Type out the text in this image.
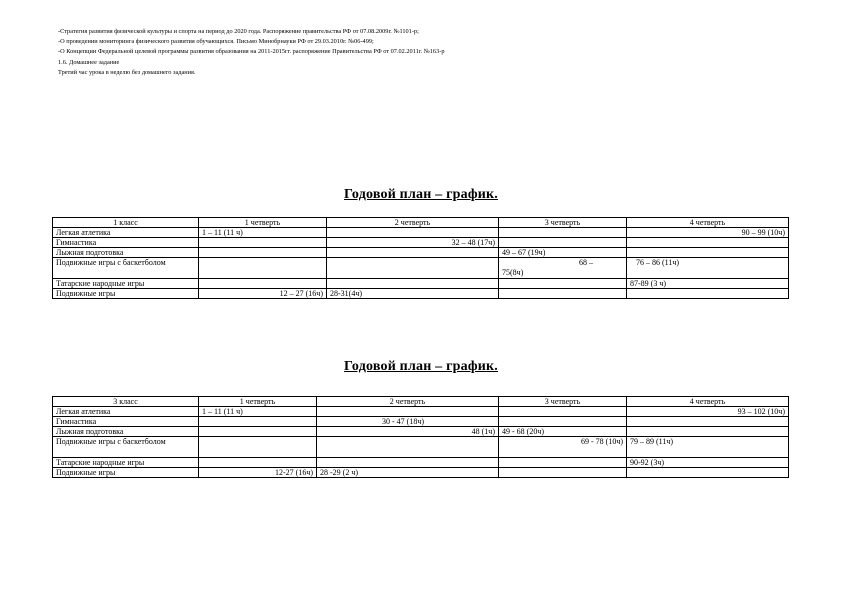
-Стратегия развития физической культуры и спорта на период до 2020 года. Распоряжение правительства РФ от 07.08.2009г. №1101-р;
-О проведении мониторинга физического развития обучающихся. Письмо Минобрнауки РФ от 29.03.2010г. №06-499;
-О Концепции Федеральной целевой программы развития образования на 2011-2015гг. распоряжение Правительства РФ от 07.02.2011г. №163-р
1.6. Домашнее задание
Третий час урока в неделю без домашнего задания.
Годовой план – график.
1 класс	1 четверть	2 четверть	3 четверть	4 четверть
Легкая атлетика	1 – 11 (11 ч)			90 – 99 (10ч)
Гимнастика		32 – 48 (17ч)		
Лыжная подготовка			49 – 67 (19ч)	
Подвижные игры с баскетболом			68 –
75(8ч)	76 – 86 (11ч)
Татарские народные игры				87-89 (3 ч)
Подвижные игры	12 – 27 (16ч)	28-31(4ч)		
Годовой план – график.
3 класс	1 четверть	2 четверть	3 четверть	4 четверть
Легкая атлетика	1 – 11 (11 ч)			93 – 102 (10ч)
Гимнастика		30 - 47 (18ч)		
Лыжная подготовка		48 (1ч)	49 - 68 (20ч)	
Подвижные игры с баскетболом			69 - 78 (10ч)	79 – 89 (11ч)
Татарские народные игры				90-92 (3ч)
Подвижные игры	12-27 (16ч)	28 -29 (2 ч)		
